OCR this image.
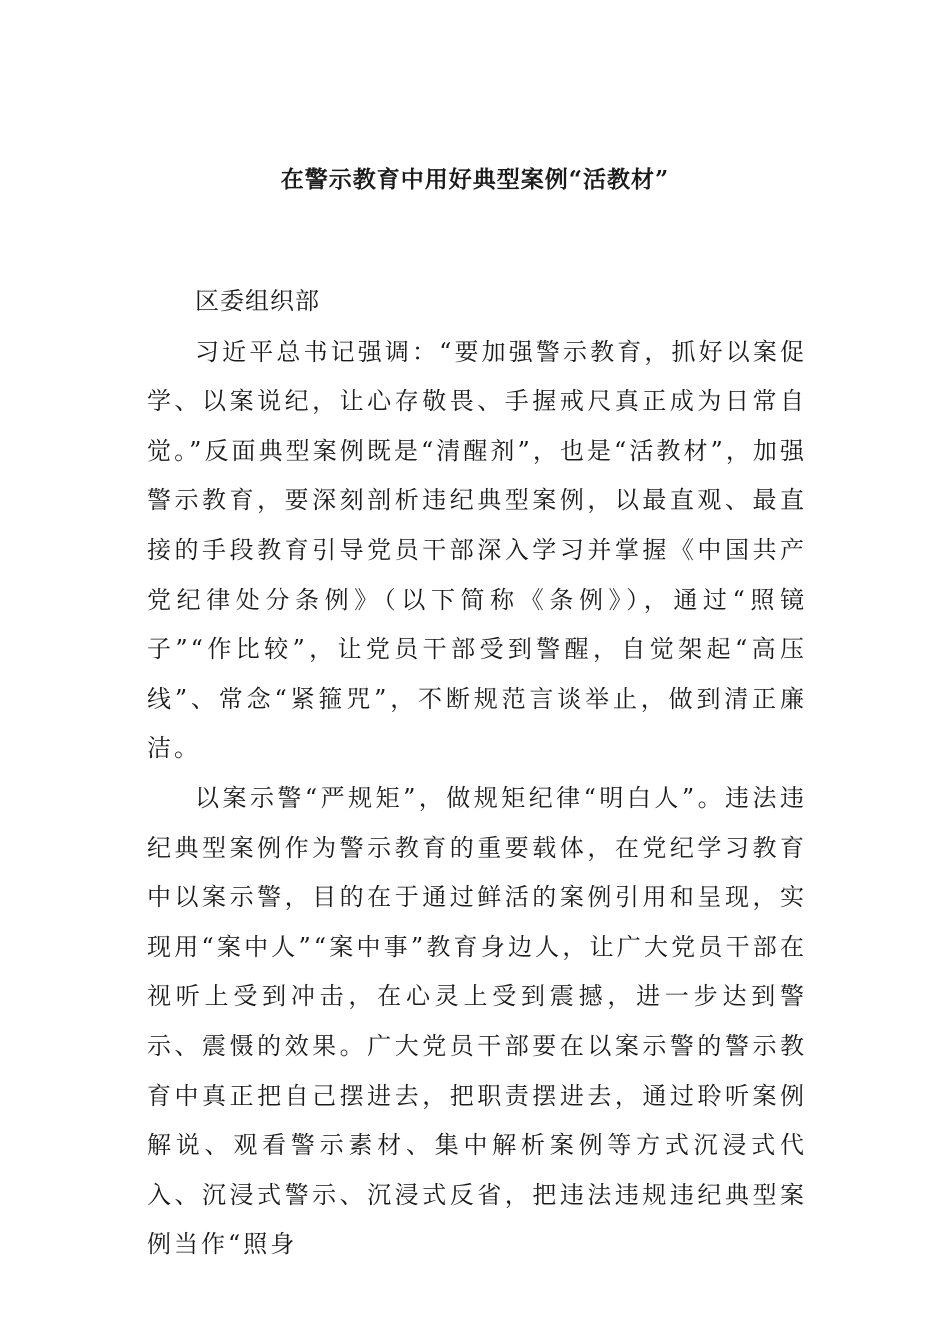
在警示教育中用好典型案例“活教材”

区委组织部

习近平总书记强调：“要加强警示教育，抓好以案促学、以案说纪，让心存敬畏、手握戒尺真正成为日常自觉。”反面典型案例既是“清醒剂”，也是“活教材”，加强警示教育，要深刻剖析违纪典型案例，以最直观、最直接的手段教育引导党员干部深入学习并掌握《中国共产党纪律处分条例》（以下简称《条例》），通过“照镜子”“作比较”，让党员干部受到警醒，自觉架起“高压线”、常念“紧箍咒”，不断规范言谈举止，做到清正廉洁。

以案示警“严规矩”，做规矩纪律“明白人”。违法违纪典型案例作为警示教育的重要载体，在党纪学习教育中以案示警，目的在于通过鲜活的案例引用和呈现，实现用“案中人”“案中事”教育身边人，让广大党员干部在视听上受到冲击，在心灵上受到震撼，进一步达到警示、震慑的效果。广大党员干部要在以案示警的警示教育中真正把自己摆进去，把职责摆进去，通过聆听案例解说、观看警示素材、集中解析案例等方式沉浸式代入、沉浸式警示、沉浸式反省，把违法违规违纪典型案例当作“照身
